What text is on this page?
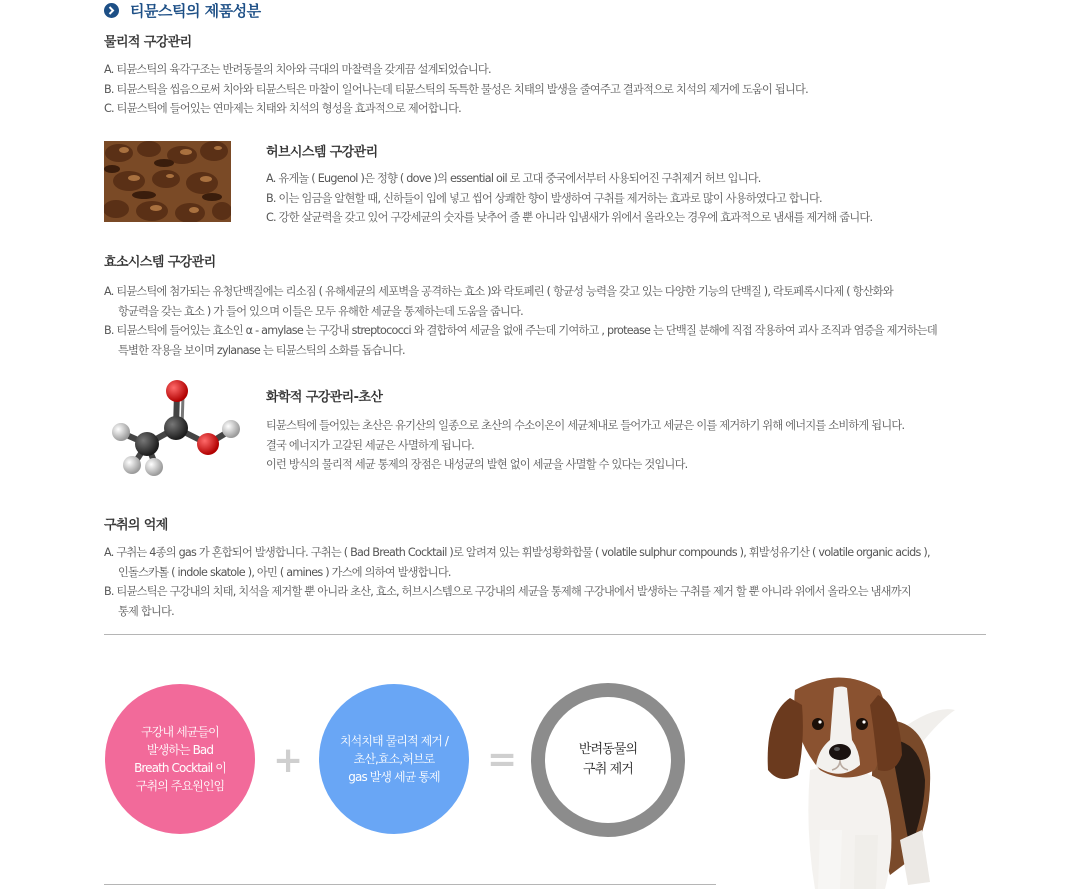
티뮨스틱의 제품성분
물리적 구강관리

A. 티뮨스틱의 육각구조는 반려동물의 치아와 극대의 마찰력을 갖게끔 설계되었습니다.

B. 티뮨스틱을 씹음으로써 치아와 티뮨스틱은 마찰이 일어나는데 티뮨스틱의 독특한 물성은 치태의 발생을 줄여주고 결과적으로 치석의 제거에 도움이 됩니다.

C. 티뮨스틱에 들어있는 연마제는 치태와 치석의 형성을 효과적으로 제어합니다.

허브시스템 구강관리

A. 유게놀 ( Eugenol )은 정향 ( dove )의 essential oil 로 고대 중국에서부터 사용되어진 구취제거 허브 입니다.

B. 이는 임금을 알현할 때, 신하들이 입에 넣고 씹어 상쾌한 향이 발생하여 구취를 제거하는 효과로 많이 사용하였다고 합니다.

C. 강한 살균력을 갖고 있어 구강세균의 숫자를 낮추어 줄 뿐 아니라 입냄새가 위에서 올라오는 경우에 효과적으로 냄새를 제거해 줍니다.

효소시스템 구강관리

A. 티뮨스틱에 첨가되는 유청단백질에는 리소짐 ( 유해세균의 세포벽을 공격하는 효소 )와 락토페린 ( 항균성 능력을 갖고 있는 다양한 기능의 단백질 ), 락토페록시다제 ( 항산화와

항균력을 갖는 효소 ) 가 들어 있으며 이들은 모두 유해한 세균을 통제하는데 도움을 줍니다.

B. 티뮨스틱에 들어있는 효소인 α - amylase 는 구강내 streptococci 와 결합하여 세균을 없애 주는데 기여하고 , protease 는 단백질 분해에 직접 작용하여 괴사 조직과 염증을 제거하는데

특별한 작용을 보이며 zylanase 는 티뮨스틱의 소화를 돕습니다.

화학적 구강관리-초산

티뮨스틱에 들어있는 초산은 유기산의 일종으로 초산의 수소이온이 세균체내로 들어가고 세균은 이를 제거하기 위해 에너지를 소비하게 됩니다.

결국 에너지가 고갈된 세균은 사멸하게 됩니다.

이런 방식의 물리적 세균 통제의 장점은 내성균의 발현 없이 세균을 사멸할 수 있다는 것입니다.

구취의 억제

A. 구취는 4종의 gas 가 혼합되어 발생합니다. 구취는 ( Bad Breath Cocktail )로 알려져 있는 휘발성황화합물 ( volatile sulphur compounds ), 휘발성유기산 ( volatile organic acids ),

인돌스카톨 ( indole skatole ), 아민 ( amines ) 가스에 의하여 발생합니다.

B. 티뮨스틱은 구강내의 치태, 치석을 제거할 뿐 아니라 초산, 효소, 허브시스템으로 구강내의 세균을 통제해 구강내에서 발생하는 구취를 제거 할 뿐 아니라 위에서 올라오는 냄새까지

통제 합니다.

구강내 세균들이
발생하는 Bad
Breath Cocktail 이
구취의 주요원인임
+	치석치태 물리적 제거 /
초산,효소,허브로
gas 발생 세균 통제 =	반려동물의
구취 제거
